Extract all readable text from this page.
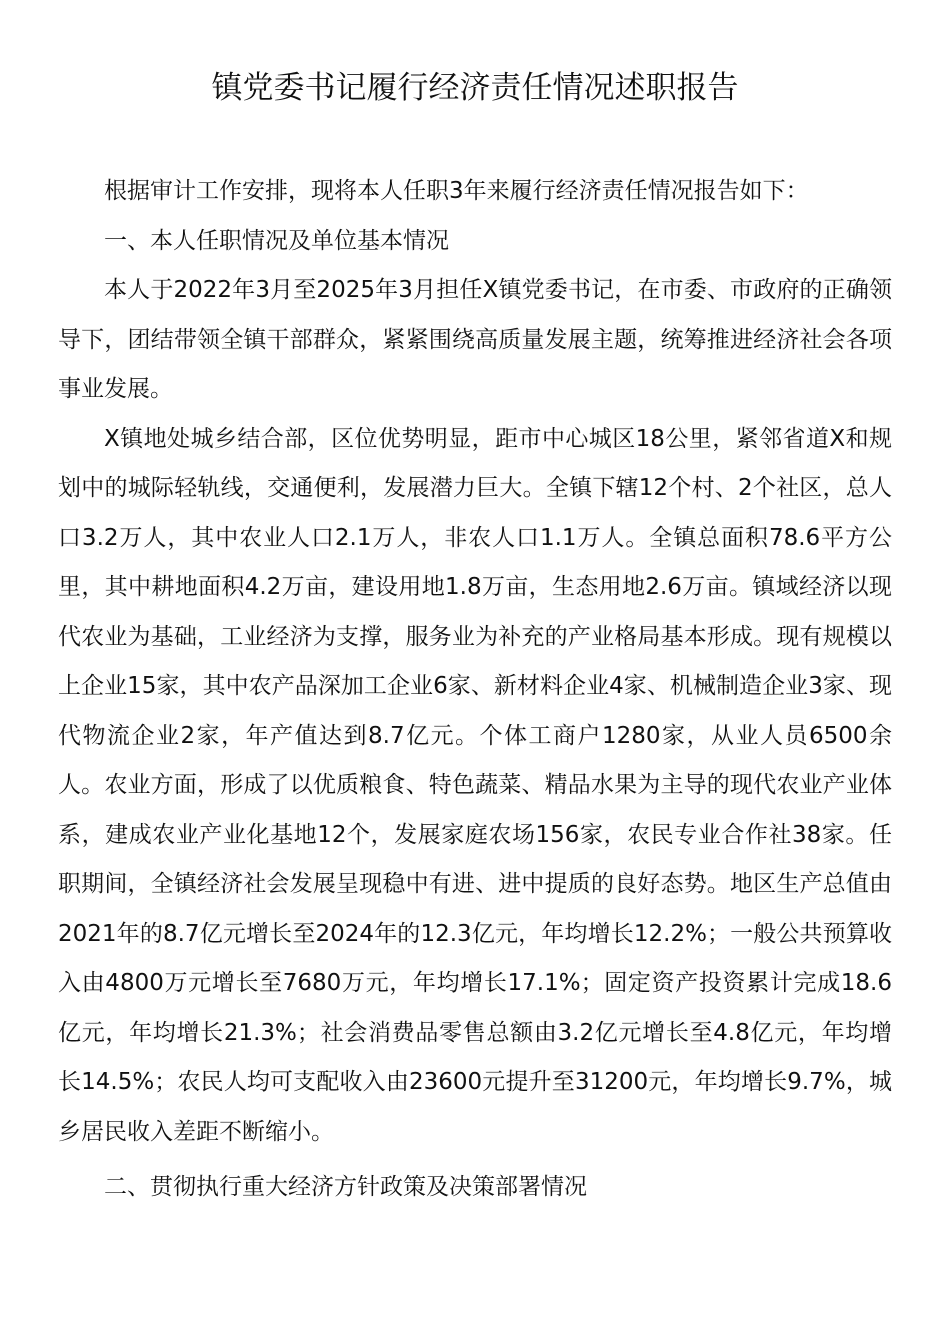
镇党委书记履行经济责任情况述职报告

根据审计工作安排，现将本人任职3年来履行经济责任情况报告如下：

一、本人任职情况及单位基本情况

本人于2022年3月至2025年3月担任X镇党委书记，在市委、市政府的正确领导下，团结带领全镇干部群众，紧紧围绕高质量发展主题，统筹推进经济社会各项事业发展。

X镇地处城乡结合部，区位优势明显，距市中心城区18公里，紧邻省道X和规划中的城际轻轨线，交通便利，发展潜力巨大。全镇下辖12个村、2个社区，总人口3.2万人，其中农业人口2.1万人，非农人口1.1万人。全镇总面积78.6平方公里，其中耕地面积4.2万亩，建设用地1.8万亩，生态用地2.6万亩。镇域经济以现代农业为基础，工业经济为支撑，服务业为补充的产业格局基本形成。现有规模以上企业15家，其中农产品深加工企业6家、新材料企业4家、机械制造企业3家、现代物流企业2家，年产值达到8.7亿元。个体工商户1280家，从业人员6500余人。农业方面，形成了以优质粮食、特色蔬菜、精品水果为主导的现代农业产业体系，建成农业产业化基地12个，发展家庭农场156家，农民专业合作社38家。任职期间，全镇经济社会发展呈现稳中有进、进中提质的良好态势。地区生产总值由2021年的8.7亿元增长至2024年的12.3亿元，年均增长12.2%；一般公共预算收入由4800万元增长至7680万元，年均增长17.1%；固定资产投资累计完成18.6亿元，年均增长21.3%；社会消费品零售总额由3.2亿元增长至4.8亿元，年均增长14.5%；农民人均可支配收入由23600元提升至31200元，年均增长9.7%，城乡居民收入差距不断缩小。

二、贯彻执行重大经济方针政策及决策部署情况
